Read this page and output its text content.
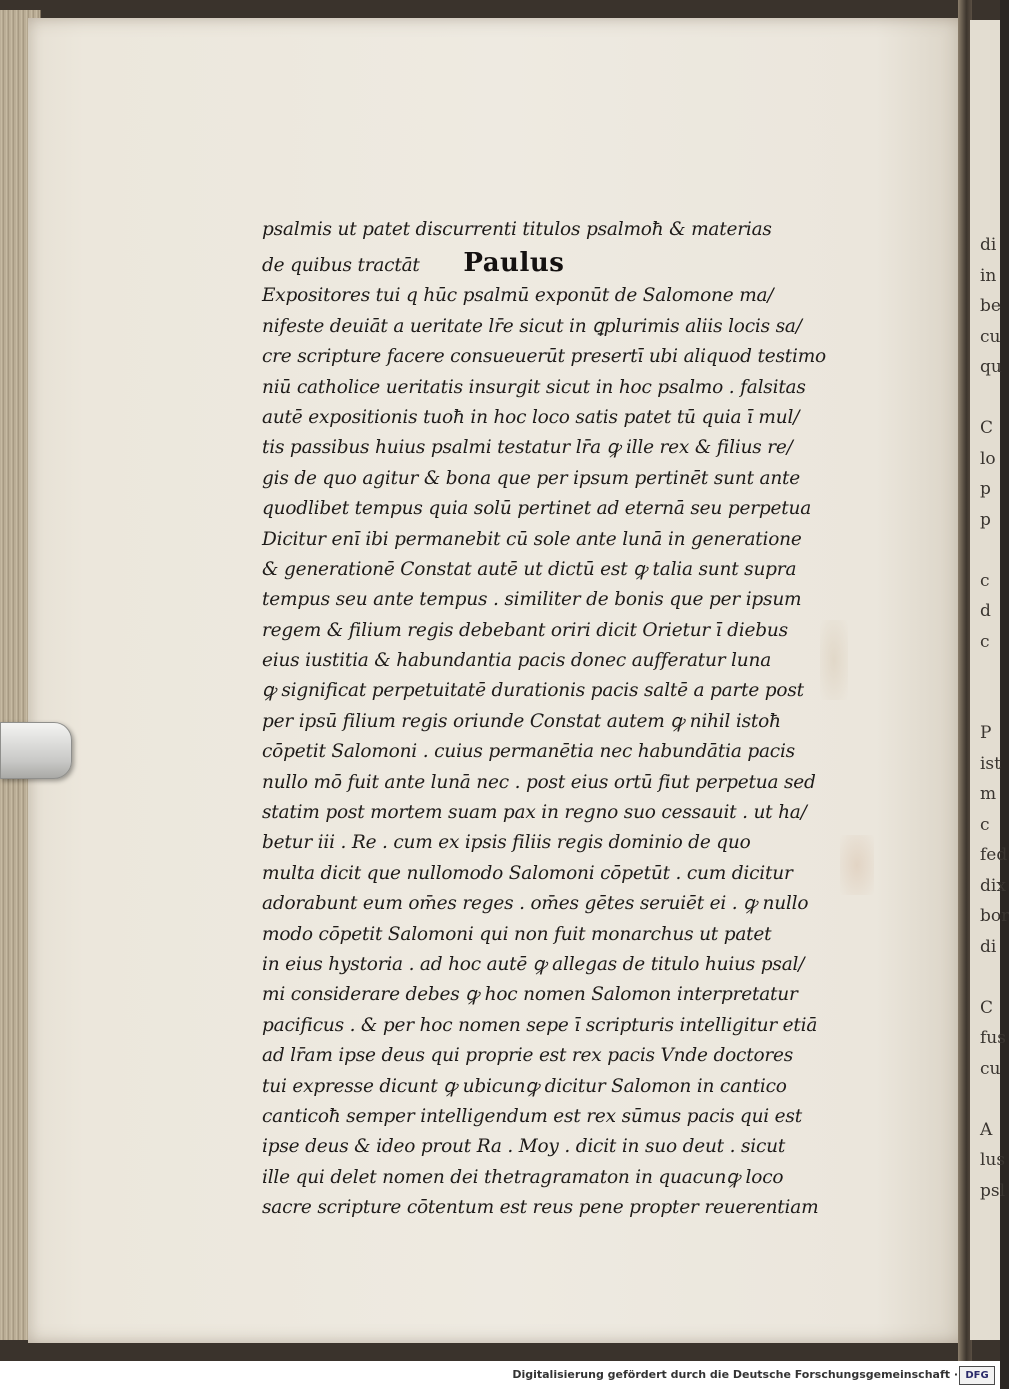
di
in
be
cu
qu

C
lo
p
p

c
d
c

P
ist
m
c
fed
dix
bor
di

C
fus
cu

A
lus
psl
psalmis ut patet discurrenti titulos psalmoħ & materias
de quibus tractāt Paulus
Expositores tui q hūc psalmū exponūt de Salomone ma/
nifeste deuiāt a ueritate lr̄e sicut in ꝗplurimis aliis locis sa/
cre scripture facere consueuerūt presertī ubi aliquod testimo
niū catholice ueritatis insurgit sicut in hoc psalmo . falsitas
autē expositionis tuoħ in hoc loco satis patet tū quia ī mul/
tis passibus huius psalmi testatur lr̄a ꝙ ille rex & filius re/
gis de quo agitur & bona que per ipsum pertinēt sunt ante
quodlibet tempus quia solū pertinet ad eternā seu perpetua
Dicitur enī ibi permanebit cū sole ante lunā in generatione
& generationē Constat autē ut dictū est ꝙ talia sunt supra
tempus seu ante tempus . similiter de bonis que per ipsum
regem & filium regis debebant oriri dicit Orietur ī diebus
eius iustitia & habundantia pacis donec aufferatur luna
ꝙ significat perpetuitatē durationis pacis saltē a parte post
per ipsū filium regis oriunde Constat autem ꝙ nihil istoħ
cōpetit Salomoni . cuius permanētia nec habundātia pacis
nullo mō fuit ante lunā nec . post eius ortū fiut perpetua sed
statim post mortem suam pax in regno suo cessauit . ut ha/
betur iii . Re . cum ex ipsis filiis regis dominio de quo
multa dicit que nullomodo Salomoni cōpetūt . cum dicitur
adorabunt eum om̄es reges . om̄es gētes seruiēt ei . ꝙ nullo
modo cōpetit Salomoni qui non fuit monarchus ut patet
in eius hystoria . ad hoc autē ꝙ allegas de titulo huius psal/
mi considerare debes ꝙ hoc nomen Salomon interpretatur
pacificus . & per hoc nomen sepe ī scripturis intelligitur etiā
ad lr̄am ipse deus qui proprie est rex pacis Vnde doctores
tui expresse dicunt ꝙ ubicunꝙ dicitur Salomon in cantico
canticoħ semper intelligendum est rex sūmus pacis qui est
ipse deus & ideo prout Ra . Moy . dicit in suo deut . sicut
ille qui delet nomen dei thetragramaton in quacunꝙ loco
sacre scripture cōtentum est reus pene propter reuerentiam
Digitalisierung gefördert durch die Deutsche Forschungsgemeinschaft · DFG
